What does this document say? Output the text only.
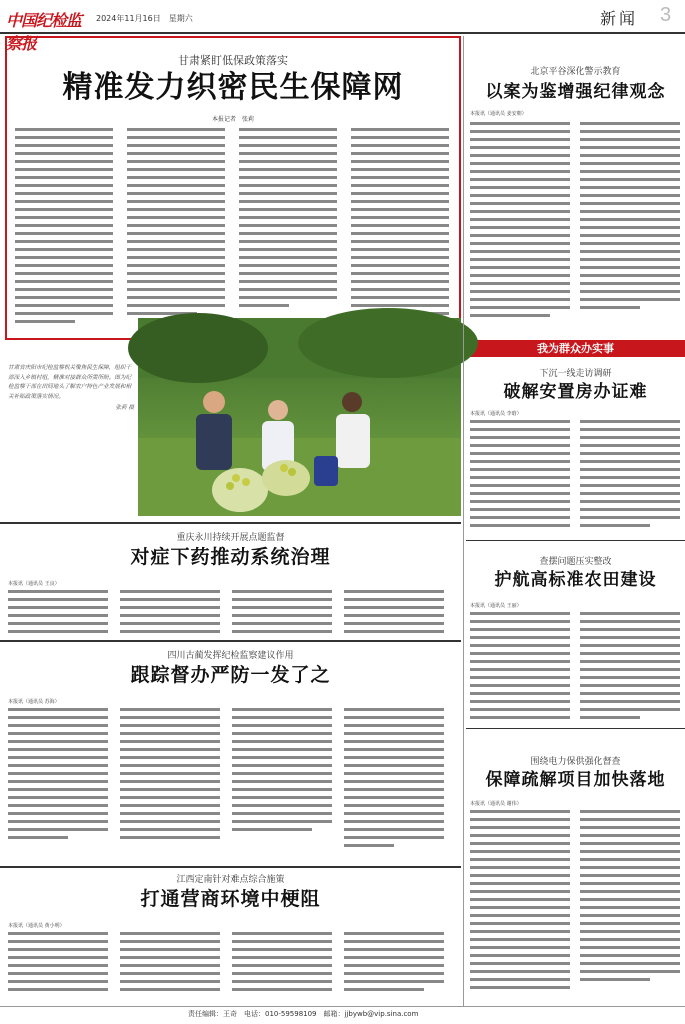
中国纪检监察报
2024年11月16日　星期六	新闻 3
甘肃紧盯低保政策落实
精准发力织密民生保障网
本报记者　张莉
北京平谷深化警示教育
以案为鉴增强纪律观念
本报讯（通讯员 姜安朝）
我为群众办实事
下沉一线走访调研
破解安置房办证难
本报讯（通讯员 李晗）
甘肃省庆阳市纪检监察机关聚焦民生保障，组织干部深入乡镇村组，精准对接群众所需所盼。图为纪检监察干部在田间地头了解农户特色产业发展和相关补贴政策落实情况。
张莉 摄
重庆永川持续开展点题监督
对症下药推动系统治理
本报讯（通讯员 王良）
查摆问题压实整改
护航高标准农田建设
本报讯（通讯员 王丽）
四川古蔺发挥纪检监察建议作用
跟踪督办严防一发了之
本报讯（通讯员 苏海）
围绕电力保供强化督查
保障疏解项目加快落地
本报讯（通讯员 谢伟）
江西定南针对难点综合施策
打通营商环境中梗阻
本报讯（通讯员 黄小明）
责任编辑：王奇　电话：010-59598109　邮箱：jjbywb@vip.sina.com
